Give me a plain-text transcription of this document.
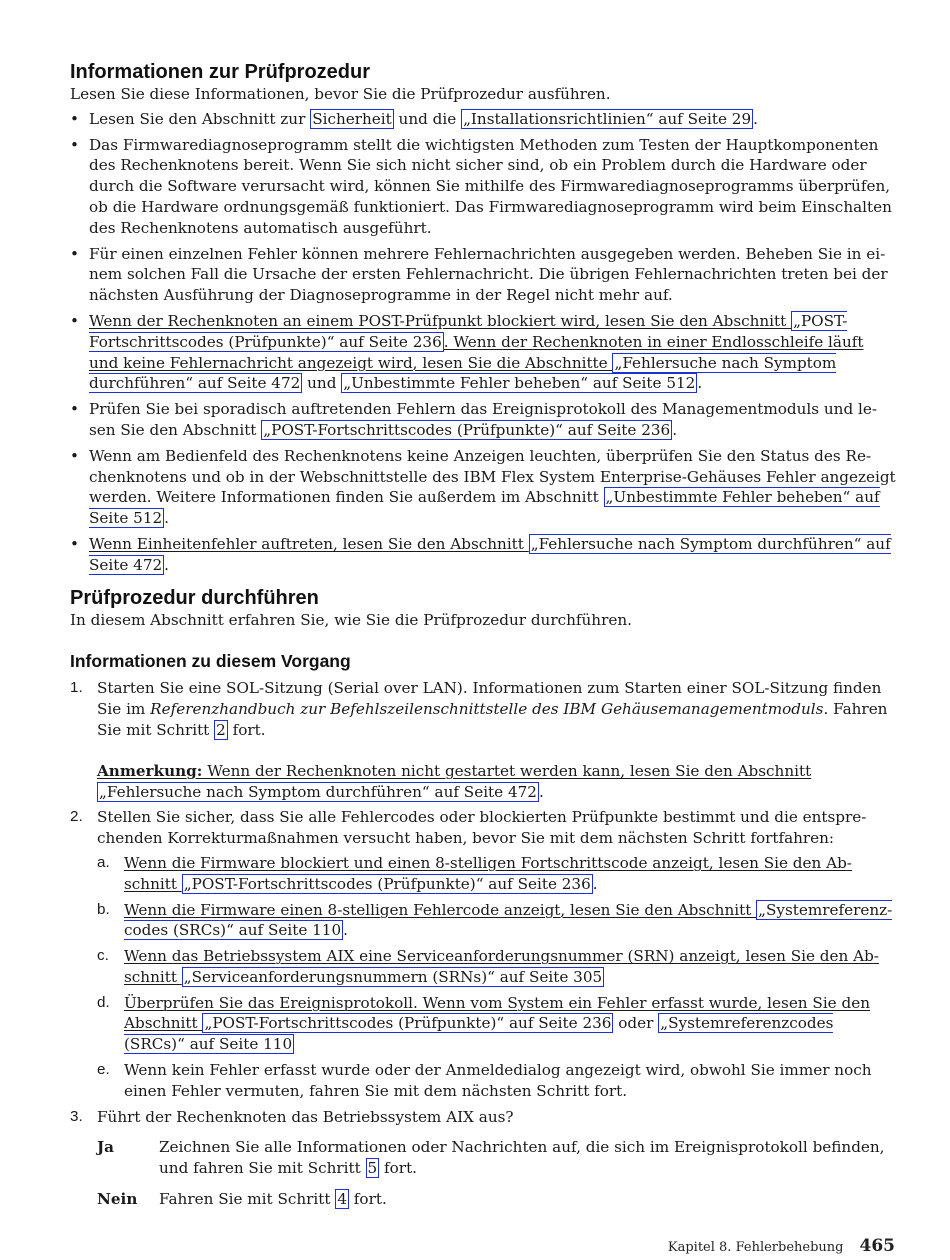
Informationen zur Prüfprozedur

Lesen Sie diese Informationen, bevor Sie die Prüfprozedur ausführen.

• Lesen Sie den Abschnitt zur Sicherheit und die „Installationsrichtlinien“ auf Seite 29 .
• Das Firmwarediagnoseprogramm stellt die wichtigsten Methoden zum Testen der Hauptkomponenten des Rechenknotens bereit. Wenn Sie sich nicht sicher sind, ob ein Problem durch die Hardware oder durch die Software verursacht wird, können Sie mithilfe des Firmwarediagnoseprogramms überprüfen, ob die Hardware ordnungsgemäß funktioniert. Das Firmwarediagnoseprogramm wird beim Einschalten des Rechenknotens automatisch ausgeführt.
• Für einen einzelnen Fehler können mehrere Fehlernachrichten ausgegeben werden. Beheben Sie in einem solchen Fall die Ursache der ersten Fehlernachricht. Die übrigen Fehlernachrichten treten bei der nächsten Ausführung der Diagnoseprogramme in der Regel nicht mehr auf.
• Wenn der Rechenknoten an einem POST-Prüfpunkt blockiert wird, lesen Sie den Abschnitt „POST-Fortschrittscodes (Prüfpunkte)“ auf Seite 236 . Wenn der Rechenknoten in einer Endlosschleife läuft und keine Fehlernachricht angezeigt wird, lesen Sie die Abschnitte „Fehlersuche nach Symptom durchführen“ auf Seite 472 und „Unbestimmte Fehler beheben“ auf Seite 512 .
• Prüfen Sie bei sporadisch auftretenden Fehlern das Ereignisprotokoll des Managementmoduls und lesen Sie den Abschnitt „POST-Fortschrittscodes (Prüfpunkte)“ auf Seite 236 .
• Wenn am Bedienfeld des Rechenknotens keine Anzeigen leuchten, überprüfen Sie den Status des Rechenknotens und ob in der Webschnittstelle des IBM Flex System Enterprise-Gehäuses Fehler angezeigt werden. Weitere Informationen finden Sie außerdem im Abschnitt „Unbestimmte Fehler beheben“ auf Seite 512 .
• Wenn Einheitenfehler auftreten, lesen Sie den Abschnitt „Fehlersuche nach Symptom durchführen“ auf Seite 472 .
Prüfprozedur durchführen

In diesem Abschnitt erfahren Sie, wie Sie die Prüfprozedur durchführen.

Informationen zu diesem Vorgang
1. Starten Sie eine SOL-Sitzung (Serial over LAN). Informationen zum Starten einer SOL-Sitzung finden Sie im Referenzhandbuch zur Befehlszeilenschnittstelle des IBM Gehäusemanagementmoduls. Fahren Sie mit Schritt 2 fort.

Anmerkung: Wenn der Rechenknoten nicht gestartet werden kann, lesen Sie den Abschnitt „Fehlersuche nach Symptom durchführen“ auf Seite 472 .

2. Stellen Sie sicher, dass Sie alle Fehlercodes oder blockierten Prüfpunkte bestimmt und die entsprechenden Korrekturmaßnahmen versucht haben, bevor Sie mit dem nächsten Schritt fortfahren:
a. Wenn die Firmware blockiert und einen 8-stelligen Fortschrittscode anzeigt, lesen Sie den Abschnitt „POST-Fortschrittscodes (Prüfpunkte)“ auf Seite 236 .
b. Wenn die Firmware einen 8-stelligen Fehlercode anzeigt, lesen Sie den Abschnitt „Systemreferenzcodes (SRCs)“ auf Seite 110 .
c. Wenn das Betriebssystem AIX eine Serviceanforderungsnummer (SRN) anzeigt, lesen Sie den Abschnitt „Serviceanforderungsnummern (SRNs)“ auf Seite 305
d. Überprüfen Sie das Ereignisprotokoll. Wenn vom System ein Fehler erfasst wurde, lesen Sie den Abschnitt „POST-Fortschrittscodes (Prüfpunkte)“ auf Seite 236 oder „Systemreferenzcodes (SRCs)“ auf Seite 110
e. Wenn kein Fehler erfasst wurde oder der Anmeldedialog angezeigt wird, obwohl Sie immer noch einen Fehler vermuten, fahren Sie mit dem nächsten Schritt fort.
3. Führt der Rechenknoten das Betriebssystem AIX aus?
Ja	Zeichnen Sie alle Informationen oder Nachrichten auf, die sich im Ereignisprotokoll befinden, und fahren Sie mit Schritt 5 fort.
Nein	Fahren Sie mit Schritt 4 fort.
Kapitel 8. Fehlerbehebung 465
